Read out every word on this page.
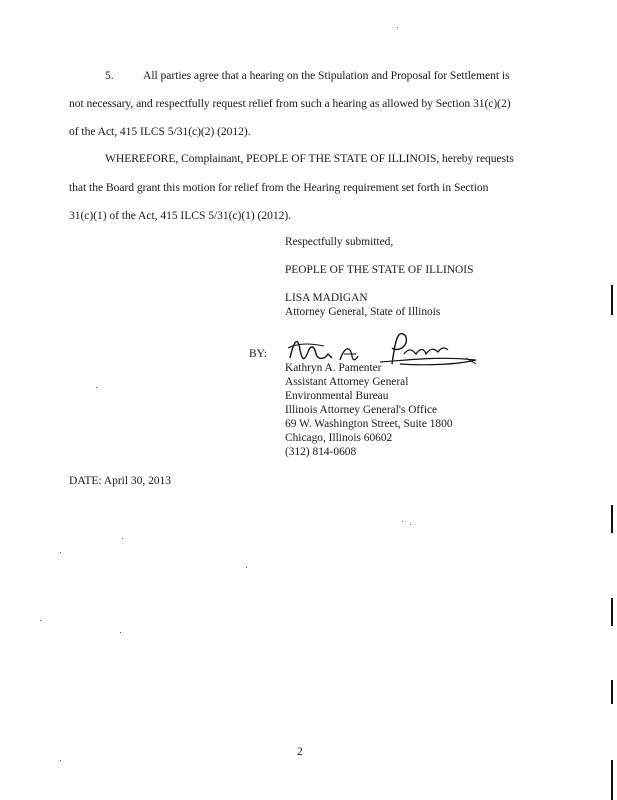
5.	All parties agree that a hearing on the Stipulation and Proposal for Settlement is
not necessary, and respectfully request relief from such a hearing as allowed by Section 31(c)(2)
of the Act, 415 ILCS 5/31(c)(2) (2012).
WHEREFORE, Complainant, PEOPLE OF THE STATE OF ILLINOIS, hereby requests
that the Board grant this motion for relief from the Hearing requirement set forth in Section
31(c)(1) of the Act, 415 ILCS 5/31(c)(1) (2012).
Respectfully submitted,
PEOPLE OF THE STATE OF ILLINOIS
LISA MADIGAN
Attorney General, State of Illinois
BY:
Kathryn A. Pamenter
Assistant Attorney General
Environmental Bureau
Illinois Attorney General's Office
69 W. Washington Street, Suite 1800
Chicago, Illinois 60602
(312) 814-0608
DATE: April 30, 2013
2
